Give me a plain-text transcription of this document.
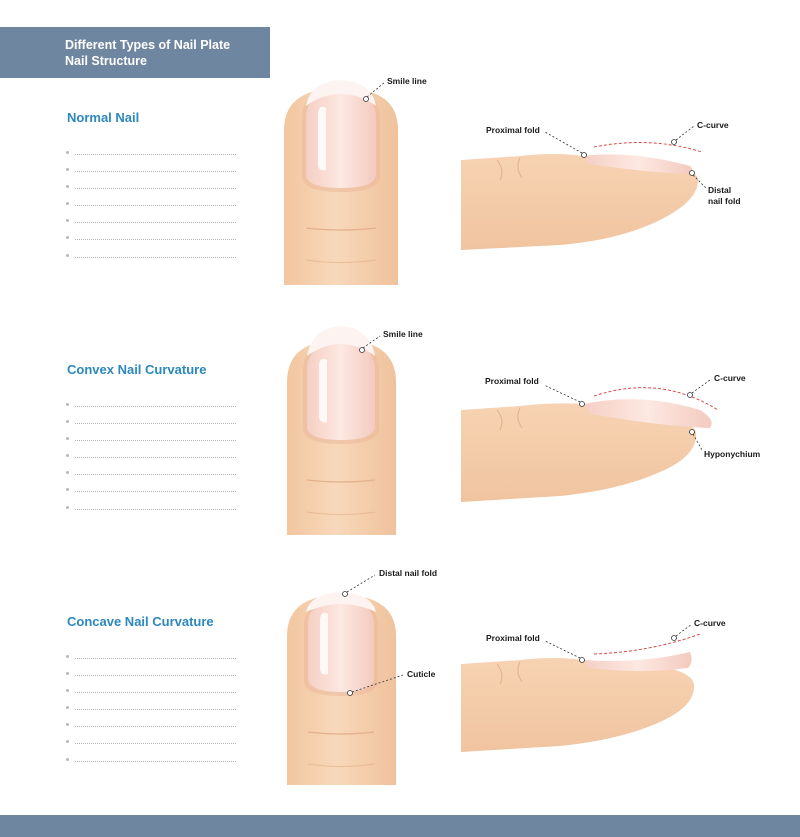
Different Types of Nail Plate
Nail Structure
Normal Nail
Convex Nail Curvature
Concave Nail Curvature
Smile line
Proximal fold	C-curve
Distal
nail fold
Smile line
Proximal fold	C-curve
Hyponychium
Distal nail fold
Cuticle
Proximal fold
C-curve
